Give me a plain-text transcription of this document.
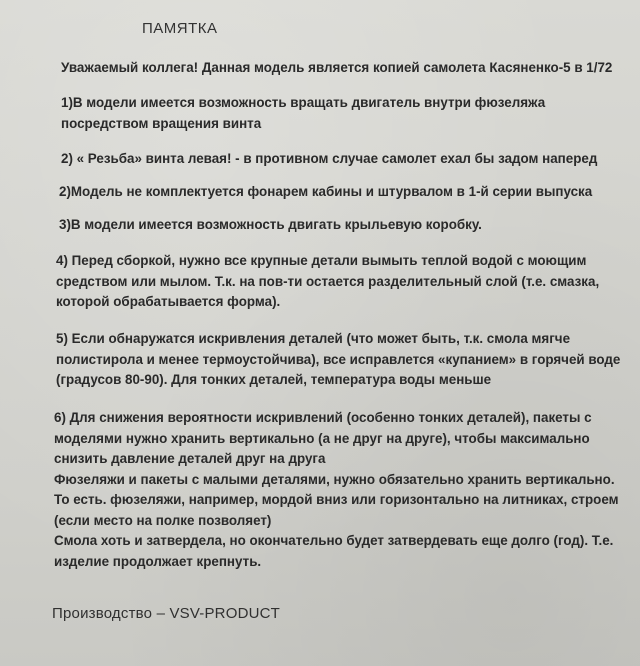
ПАМЯТКА

Уважаемый коллега! Данная модель является копией самолета Касяненко-5 в 1/72

1)В модели имеется возможность вращать двигатель внутри фюзеляжа
посредством вращения винта

2) « Резьба» винта левая! - в противном случае самолет ехал бы задом наперед

2)Модель не комплектуется фонарем кабины и штурвалом в 1-й серии выпуска

3)В модели имеется возможность двигать крыльевую коробку.

4) Перед сборкой, нужно все крупные детали вымыть теплой водой с моющим
средством или мылом. Т.к. на пов-ти остается разделительный слой (т.е. смазка,
которой обрабатывается форма).

5) Если обнаружатся искривления деталей (что может быть, т.к. смола мягче
полистирола и менее термоустойчива), все исправлется «купанием» в горячей воде
(градусов 80-90). Для тонких деталей, температура воды меньше

6) Для снижения вероятности искривлений (особенно тонких деталей), пакеты с
моделями нужно хранить вертикально (а не друг на друге), чтобы максимально
снизить давление деталей друг на друга
Фюзеляжи и пакеты с малыми деталями, нужно обязательно хранить вертикально.
То есть. фюзеляжи, например, мордой вниз или горизонтально на литниках, строем
(если место на полке позволяет)
Смола хоть и затвердела, но окончательно будет затвердевать еще долго (год). Т.е.
изделие продолжает крепнуть.

Производство – VSV-PRODUCT
